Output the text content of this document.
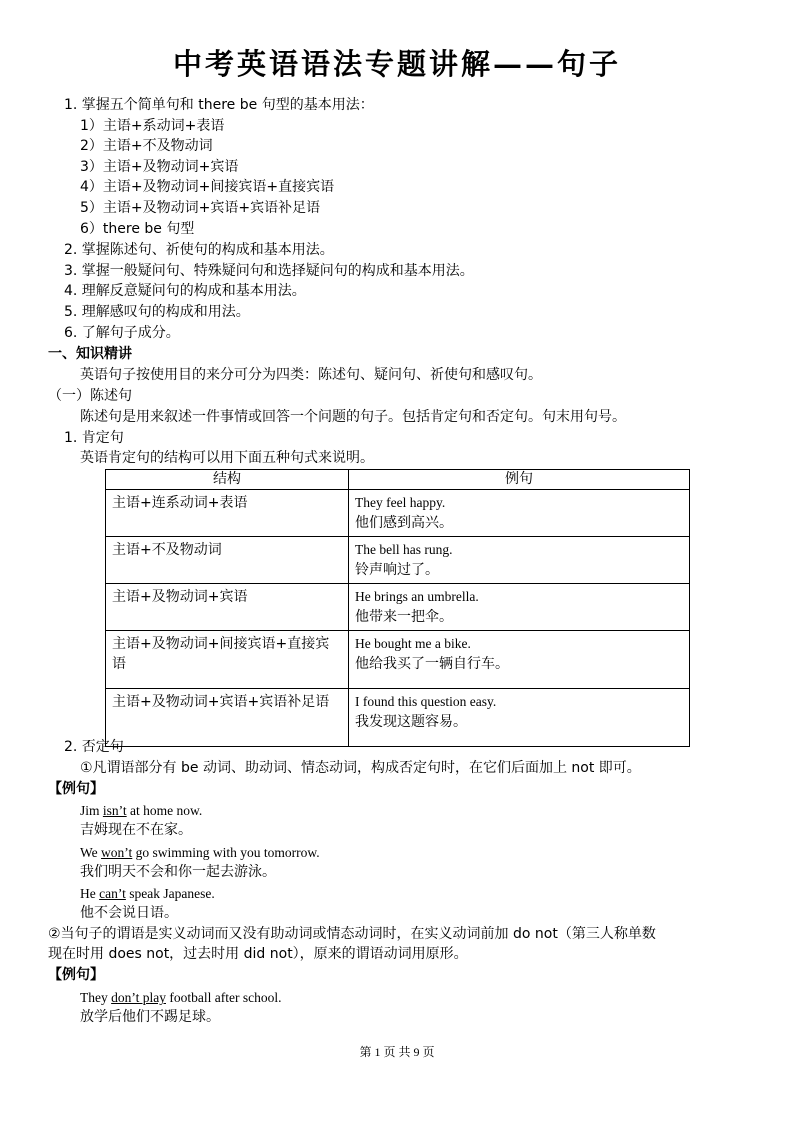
中考英语语法专题讲解——句子
1. 掌握五个简单句和 there be 句型的基本用法：
1）主语+系动词+表语
2）主语+不及物动词
3）主语+及物动词+宾语
4）主语+及物动词+间接宾语+直接宾语
5）主语+及物动词+宾语+宾语补足语
6）there be 句型
2. 掌握陈述句、祈使句的构成和基本用法。
3. 掌握一般疑问句、特殊疑问句和选择疑问句的构成和基本用法。
4. 理解反意疑问句的构成和基本用法。
5. 理解感叹句的构成和用法。
6. 了解句子成分。
一、知识精讲
英语句子按使用目的来分可分为四类：陈述句、疑问句、祈使句和感叹句。
（一）陈述句
陈述句是用来叙述一件事情或回答一个问题的句子。包括肯定句和否定句。句末用句号。
1. 肯定句
英语肯定句的结构可以用下面五种句式来说明。
结构	例句
主语+连系动词+表语	They feel happy.
他们感到高兴。
主语+不及物动词	The bell has rung.
铃声响过了。
主语+及物动词+宾语	He brings an umbrella.
他带来一把伞。
主语+及物动词+间接宾语+直接宾语	He bought me a bike.
他给我买了一辆自行车。
主语+及物动词+宾语+宾语补足语	I found this question easy.
我发现这题容易。
2. 否定句
①凡谓语部分有 be 动词、助动词、情态动词，构成否定句时，在它们后面加上 not 即可。
【例句】
Jim isn’t at home now.
吉姆现在不在家。
We won’t go swimming with you tomorrow.
我们明天不会和你一起去游泳。
He can’t speak Japanese.
他不会说日语。
②当句子的谓语是实义动词而又没有助动词或情态动词时，在实义动词前加 do not（第三人称单数
现在时用 does not，过去时用 did not），原来的谓语动词用原形。
【例句】
They don’t play football after school.
放学后他们不踢足球。
第 1 页 共 9 页
